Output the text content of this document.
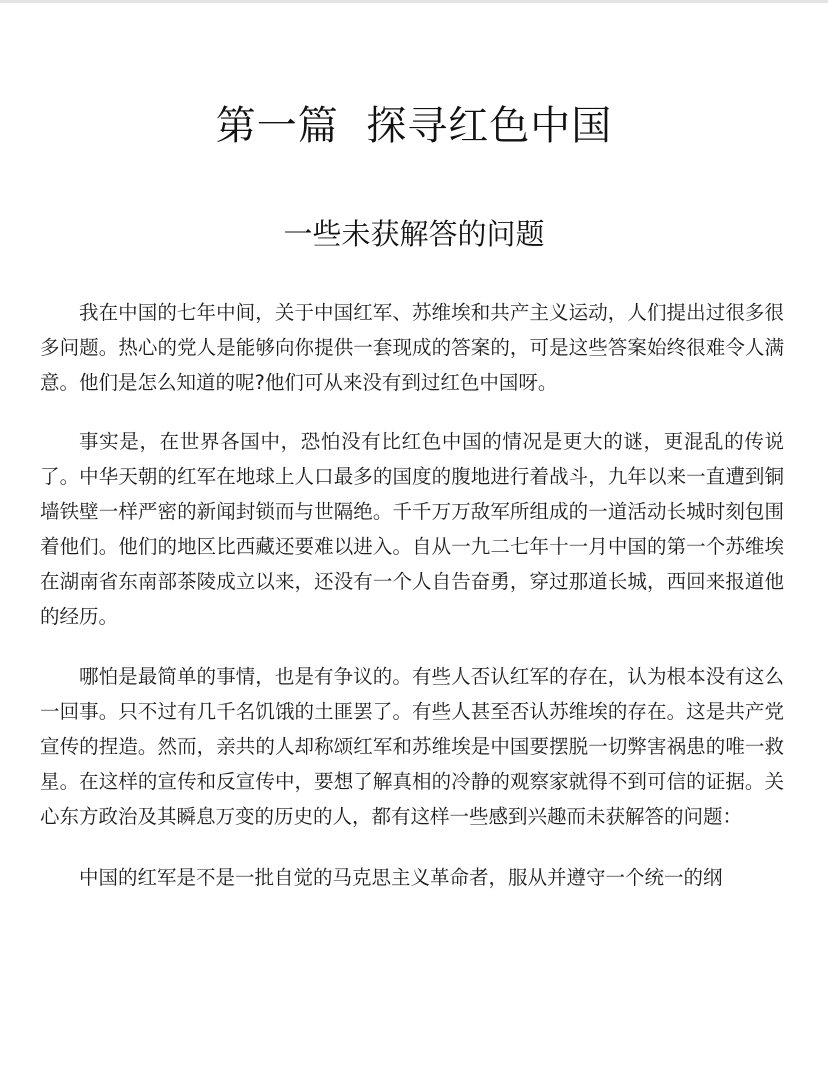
第一篇  探寻红色中国
一些未获解答的问题

我在中国的七年中间，关于中国红军、苏维埃和共产主义运动，人们提出过很多很多问题。热心的党人是能够向你提供一套现成的答案的，可是这些答案始终很难令人满意。他们是怎么知道的呢?他们可从来没有到过红色中国呀。

事实是，在世界各国中，恐怕没有比红色中国的情况是更大的谜，更混乱的传说了。中华天朝的红军在地球上人口最多的国度的腹地进行着战斗，九年以来一直遭到铜墙铁壁一样严密的新闻封锁而与世隔绝。千千万万敌军所组成的一道活动长城时刻包围着他们。他们的地区比西藏还要难以进入。自从一九二七年十一月中国的第一个苏维埃在湖南省东南部茶陵成立以来，还没有一个人自告奋勇，穿过那道长城，西回来报道他的经历。

哪怕是最简单的事情，也是有争议的。有些人否认红军的存在，认为根本没有这么一回事。只不过有几千名饥饿的土匪罢了。有些人甚至否认苏维埃的存在。这是共产党宣传的捏造。然而，亲共的人却称颂红军和苏维埃是中国要摆脱一切弊害祸患的唯一救星。在这样的宣传和反宣传中，要想了解真相的冷静的观察家就得不到可信的证据。关心东方政治及其瞬息万变的历史的人，都有这样一些感到兴趣而未获解答的问题：

中国的红军是不是一批自觉的马克思主义革命者，服从并遵守一个统一的纲
